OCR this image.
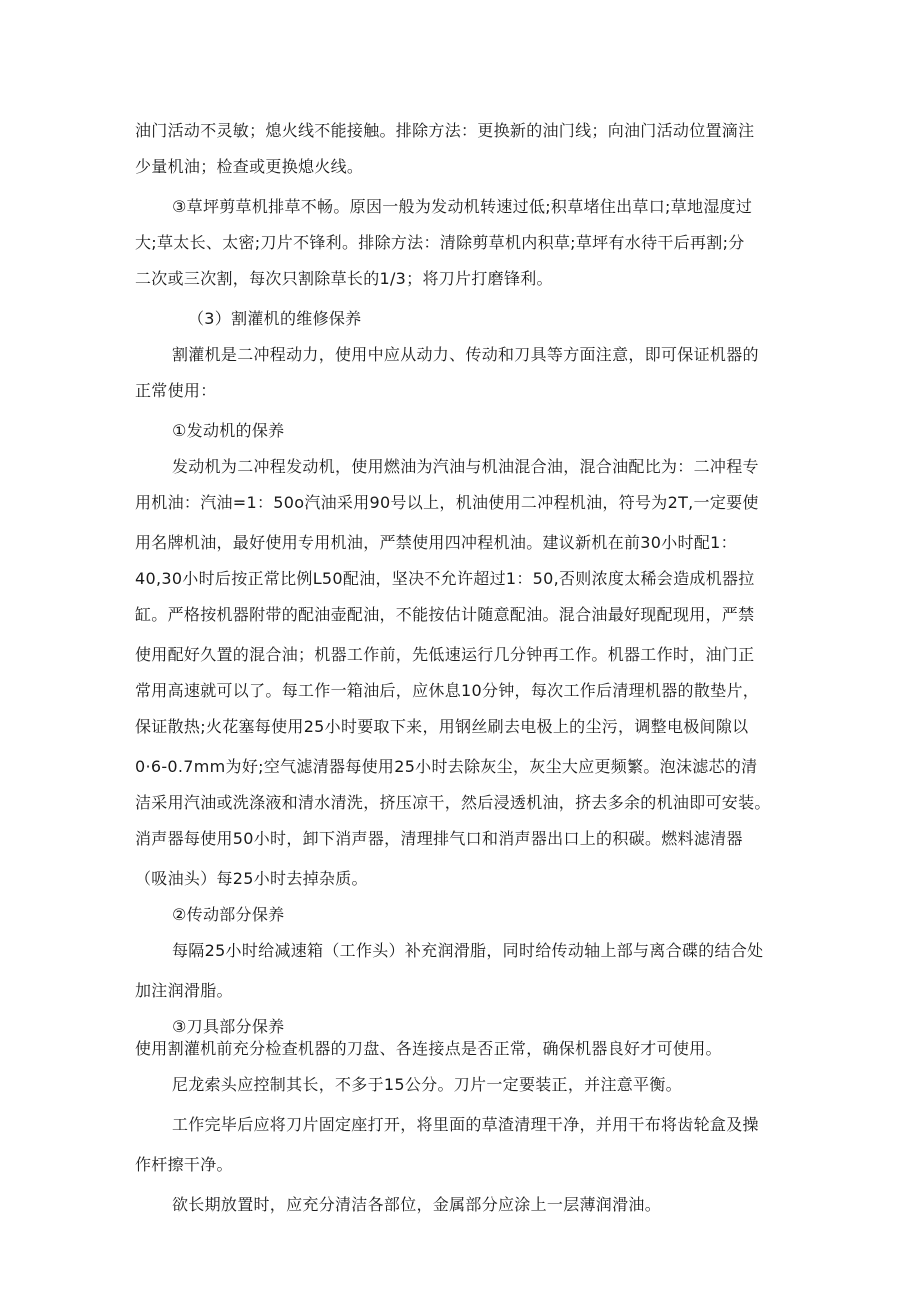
油门活动不灵敏；熄火线不能接触。排除方法：更换新的油门线；向油门活动位置滴注
少量机油；检查或更换熄火线。
③草坪剪草机排草不畅。原因一般为发动机转速过低;积草堵住出草口;草地湿度过
大;草太长、太密;刀片不锋利。排除方法：清除剪草机内积草;草坪有水待干后再割;分
二次或三次割，每次只割除草长的1/3；将刀片打磨锋利。
（3）割灌机的维修保养
割灌机是二冲程动力，使用中应从动力、传动和刀具等方面注意，即可保证机器的
正常使用：
①发动机的保养
发动机为二冲程发动机，使用燃油为汽油与机油混合油，混合油配比为：二冲程专
用机油：汽油=1：50o汽油采用90号以上，机油使用二冲程机油，符号为2T,一定要使
用名牌机油，最好使用专用机油，严禁使用四冲程机油。建议新机在前30小时配1：
40,30小时后按正常比例L50配油，坚决不允许超过1：50,否则浓度太稀会造成机器拉
缸。严格按机器附带的配油壶配油，不能按估计随意配油。混合油最好现配现用，严禁
使用配好久置的混合油；机器工作前，先低速运行几分钟再工作。机器工作时，油门正
常用高速就可以了。每工作一箱油后，应休息10分钟，每次工作后清理机器的散垫片，
保证散热;火花塞每使用25小时要取下来，用钢丝刷去电极上的尘污，调整电极间隙以
0·6-0.7mm为好;空气滤清器每使用25小时去除灰尘，灰尘大应更频繁。泡沫滤芯的清
洁采用汽油或洗涤液和清水清洗，挤压凉干，然后浸透机油，挤去多余的机油即可安装。
消声器每使用50小时，卸下消声器，清理排气口和消声器出口上的积碳。燃料滤清器
（吸油头）每25小时去掉杂质。
②传动部分保养
每隔25小时给减速箱（工作头）补充润滑脂，同时给传动轴上部与离合碟的结合处
加注润滑脂。
③刀具部分保养
使用割灌机前充分检查机器的刀盘、各连接点是否正常，确保机器良好才可使用。
尼龙索头应控制其长，不多于15公分。刀片一定要装正，并注意平衡。
工作完毕后应将刀片固定座打开，将里面的草渣清理干净，并用干布将齿轮盒及操
作杆擦干净。
欲长期放置时，应充分清洁各部位，金属部分应涂上一层薄润滑油。
